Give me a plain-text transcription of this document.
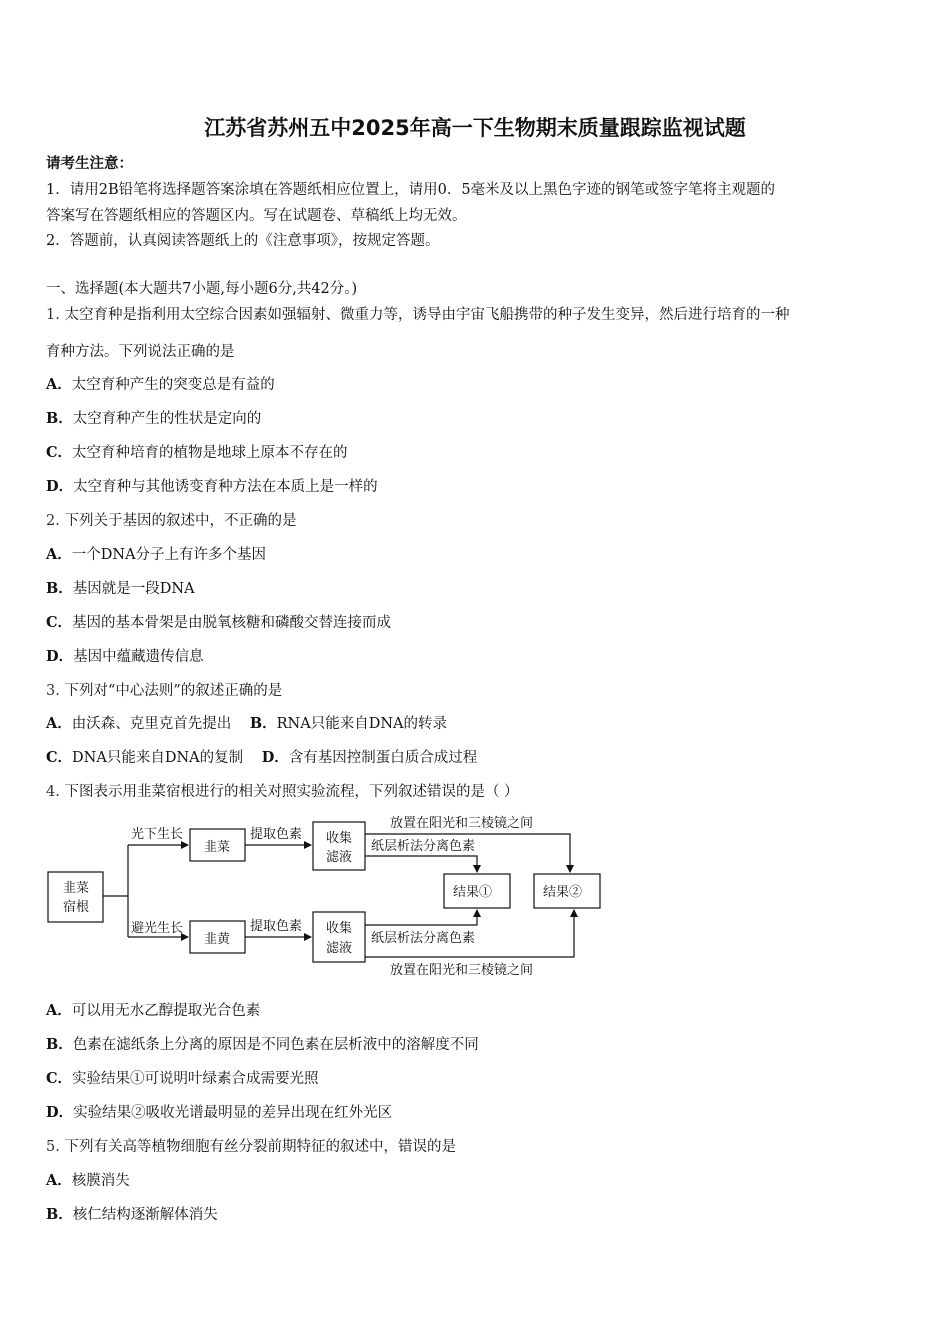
江苏省苏州五中2025年高一下生物期末质量跟踪监视试题
请考生注意：
1．请用2B铅笔将选择题答案涂填在答题纸相应位置上，请用0．5毫米及以上黑色字迹的钢笔或签字笔将主观题的
答案写在答题纸相应的答题区内。写在试题卷、草稿纸上均无效。
2．答题前，认真阅读答题纸上的《注意事项》，按规定答题。
一、选择题(本大题共7小题,每小题6分,共42分。)
1. 太空育种是指利用太空综合因素如强辐射、微重力等，诱导由宇宙飞船携带的种子发生变异，然后进行培育的一种
育种方法。下列说法正确的是
A．太空育种产生的突变总是有益的
B．太空育种产生的性状是定向的
C．太空育种培育的植物是地球上原本不存在的
D．太空育种与其他诱变育种方法在本质上是一样的
2. 下列关于基因的叙述中，不正确的是
A．一个DNA分子上有许多个基因
B．基因就是一段DNA
C．基因的基本骨架是由脱氧核糖和磷酸交替连接而成
D．基因中蕴藏遗传信息
3. 下列对“中心法则”的叙述正确的是
A．由沃森、克里克首先提出 B．RNA只能来自DNA的转录
C．DNA只能来自DNA的复制 D．含有基因控制蛋白质合成过程
4. 下图表示用韭菜宿根进行的相关对照实验流程，下列叙述错误的是（ ）
韭菜
宿根
光下生长
避光生长
韭菜
韭黄
提取色素
提取色素
收集
滤液
收集
滤液
纸层析法分离色素
纸层析法分离色素
放置在阳光和三棱镜之间
放置在阳光和三棱镜之间
结果①	结果②
A．可以用无水乙醇提取光合色素
B．色素在滤纸条上分离的原因是不同色素在层析液中的溶解度不同
C．实验结果①可说明叶绿素合成需要光照
D．实验结果②吸收光谱最明显的差异出现在红外光区
5. 下列有关高等植物细胞有丝分裂前期特征的叙述中，错误的是
A．核膜消失
B．核仁结构逐渐解体消失
